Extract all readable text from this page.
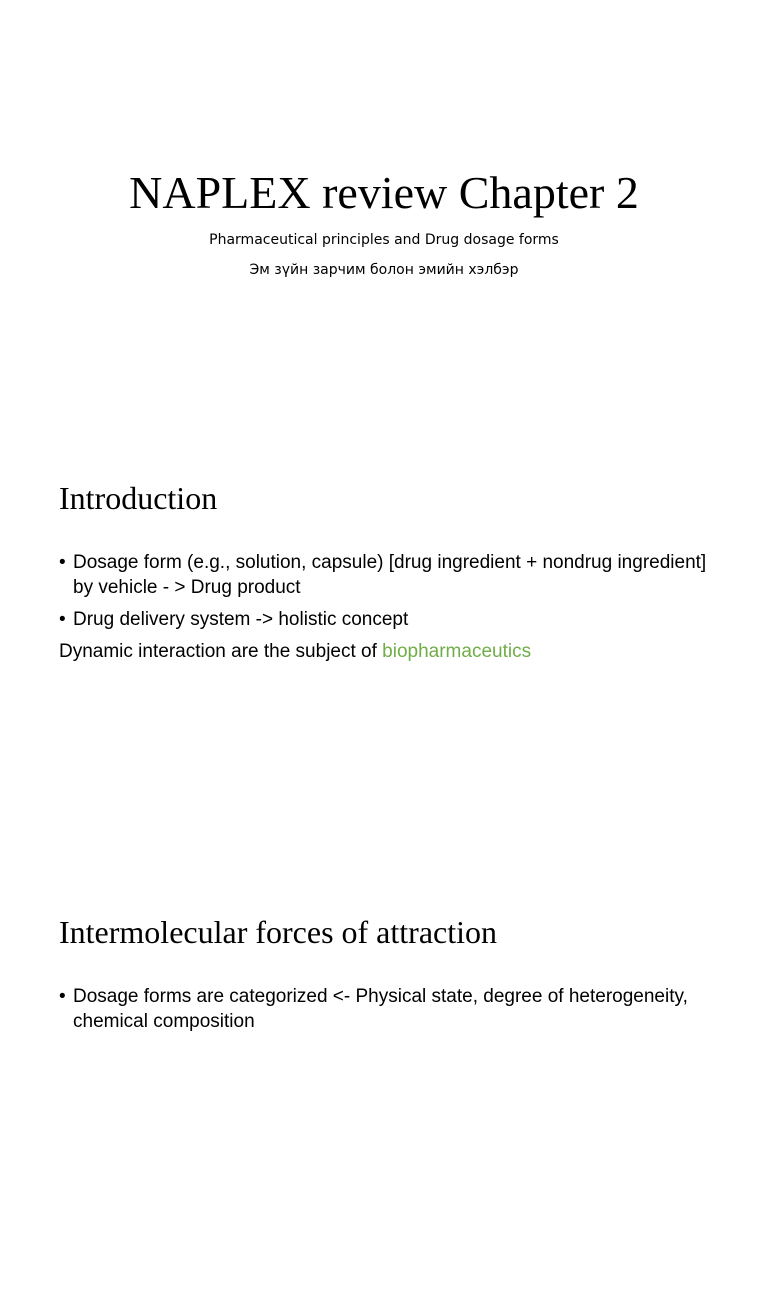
NAPLEX review Chapter 2
Pharmaceutical principles and Drug dosage forms
Эм зүйн зарчим болон эмийн хэлбэр
Introduction
• Dosage form (e.g., solution, capsule) [drug ingredient + nondrug ingredient] by vehicle - > Drug product
• Drug delivery system -> holistic concept

Dynamic interaction are the subject of biopharmaceutics

Intermolecular forces of attraction
• Dosage forms are categorized <- Physical state, degree of heterogeneity, chemical composition
